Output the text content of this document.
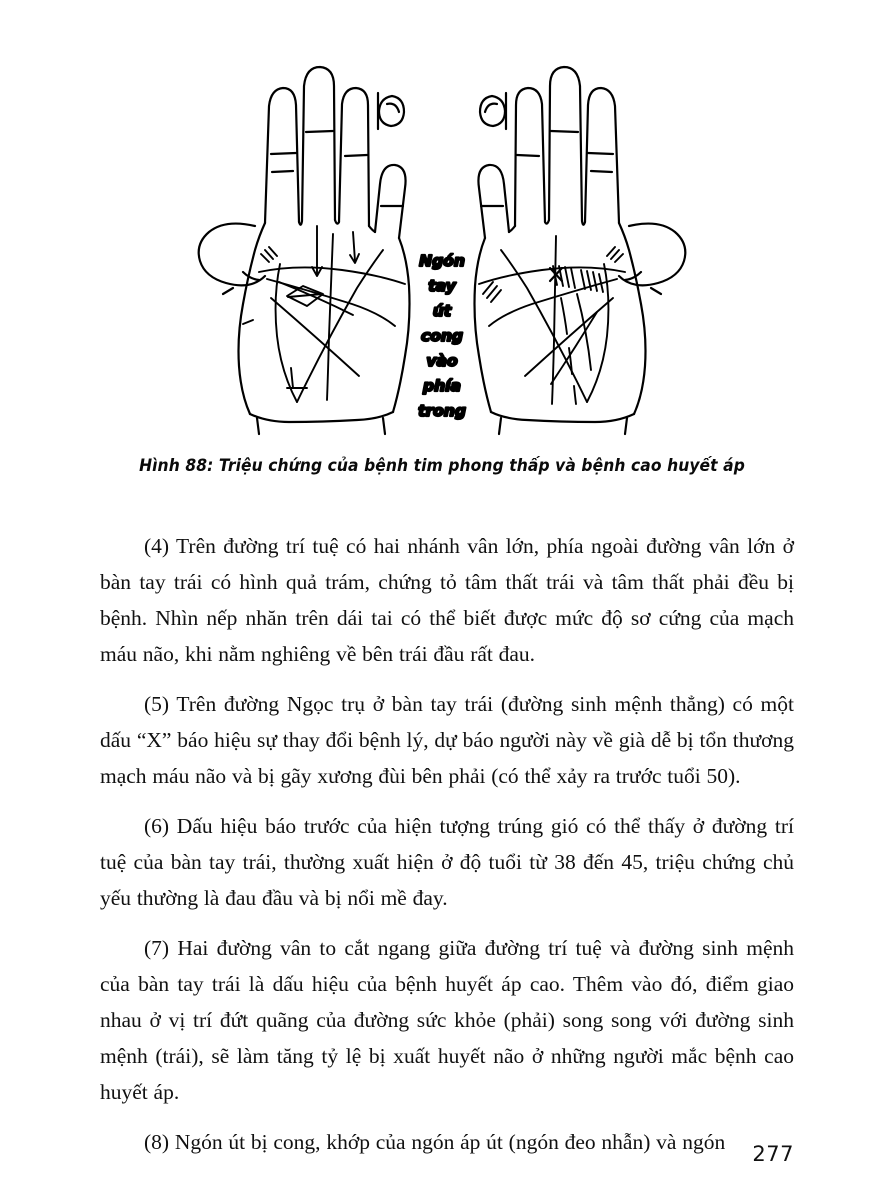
Ngón
tay
út
cong
vào
phía
trong
Hình 88: Triệu chứng của bệnh tim phong thấp và bệnh cao huyết áp

(4) Trên đường trí tuệ có hai nhánh vân lớn, phía ngoài đường vân lớn ở bàn tay trái có hình quả trám, chứng tỏ tâm thất trái và tâm thất phải đều bị bệnh. Nhìn nếp nhăn trên dái tai có thể biết được mức độ sơ cứng của mạch máu não, khi nằm nghiêng về bên trái đầu rất đau.

(5) Trên đường Ngọc trụ ở bàn tay trái (đường sinh mệnh thẳng) có một dấu “X” báo hiệu sự thay đổi bệnh lý, dự báo người này về già dễ bị tổn thương mạch máu não và bị gãy xương đùi bên phải (có thể xảy ra trước tuổi 50).

(6) Dấu hiệu báo trước của hiện tượng trúng gió có thể thấy ở đường trí tuệ của bàn tay trái, thường xuất hiện ở độ tuổi từ 38 đến 45, triệu chứng chủ yếu thường là đau đầu và bị nổi mề đay.

(7) Hai đường vân to cắt ngang giữa đường trí tuệ và đường sinh mệnh của bàn tay trái là dấu hiệu của bệnh huyết áp cao. Thêm vào đó, điểm giao nhau ở vị trí đứt quãng của đường sức khỏe (phải) song song với đường sinh mệnh (trái), sẽ làm tăng tỷ lệ bị xuất huyết não ở những người mắc bệnh cao huyết áp.

(8) Ngón út bị cong, khớp của ngón áp út (ngón đeo nhẫn) và ngón	277
